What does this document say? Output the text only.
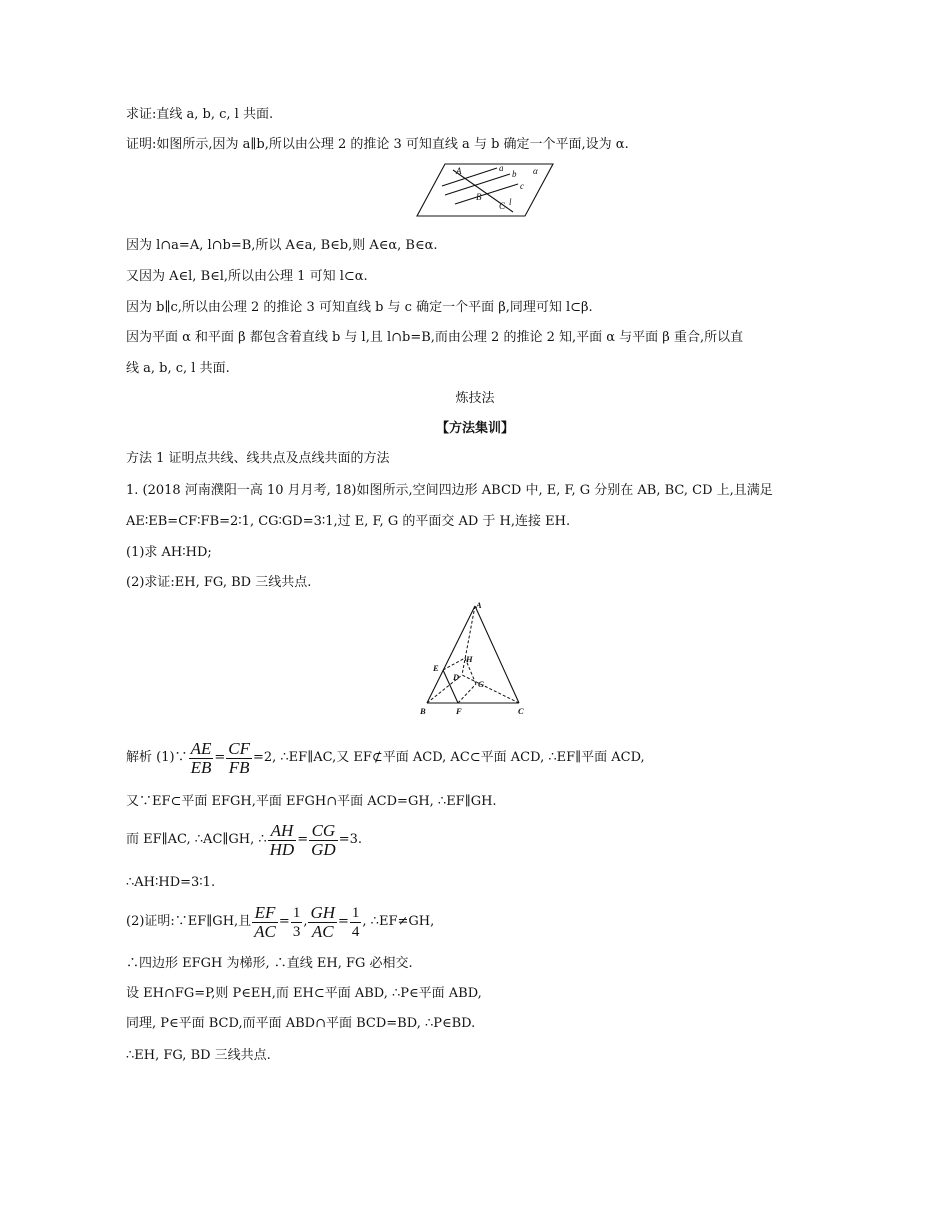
求证:直线 a, b, c, l 共面.
证明:如图所示,因为 a∥b,所以由公理 2 的推论 3 可知直线 a 与 b 确定一个平面,设为 α.
A	a
b α
c
B
C l
因为 l∩a=A, l∩b=B,所以 A∈a, B∈b,则 A∈α, B∈α.
又因为 A∈l, B∈l,所以由公理 1 可知 l⊂α.
因为 b∥c,所以由公理 2 的推论 3 可知直线 b 与 c 确定一个平面 β,同理可知 l⊂β.
因为平面 α 和平面 β 都包含着直线 b 与 l,且 l∩b=B,而由公理 2 的推论 2 知,平面 α 与平面 β 重合,所以直
线 a, b, c, l 共面.
炼技法
【方法集训】
方法 1 证明点共线、线共点及点线共面的方法
1. (2018 河南濮阳一高 10 月月考, 18)如图所示,空间四边形 ABCD 中, E, F, G 分别在 AB, BC, CD 上,且满足
AE∶EB=CF∶FB=2∶1, CG∶GD=3∶1,过 E, F, G 的平面交 AD 于 H,连接 EH.
(1)求 AH∶HD;
(2)求证:EH, FG, BD 三线共点.
A
E
H
D
G
B	F	C
解析 (1)∵ $\frac{AE}{EB} = \frac{CF}{FB} =2$, ∴EF∥AC,又 EF⊄平面 ACD, AC⊂平面 ACD, ∴EF∥平面 ACD,
又∵EF⊂平面 EFGH,平面 EFGH∩平面 ACD=GH, ∴EF∥GH.
而 EF∥AC, ∴AC∥GH, ∴ $\frac{AH}{HD} = \frac{CG}{GD} =3$.
∴AH∶HD=3∶1.
(2)证明:∵EF∥GH,且 $\frac{EF}{AC} = \frac{1}{3}$ , $\frac{GH}{AC} = \frac{1}{4}$ , ∴EF≠GH,
∴四边形 EFGH 为梯形, ∴直线 EH, FG 必相交.
设 EH∩FG=P,则 P∈EH,而 EH⊂平面 ABD, ∴P∈平面 ABD,
同理, P∈平面 BCD,而平面 ABD∩平面 BCD=BD, ∴P∈BD.
∴EH, FG, BD 三线共点.
